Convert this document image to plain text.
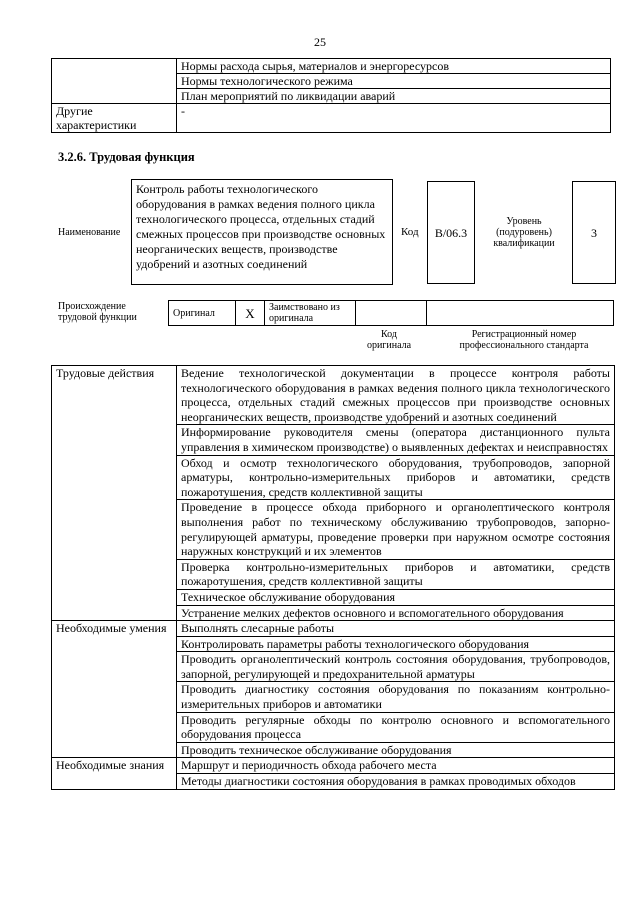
25
	Нормы расхода сырья, материалов и энергоресурсов
	Нормы технологического режима
	План мероприятий по ликвидации аварий
Другие характеристики	-
3.2.6. Трудовая функция
Наименование
Контроль работы технологического оборудования в рамках ведения полного цикла технологического процесса, отдельных стадий смежных процессов при производстве основных неорганических веществ, производстве удобрений и азотных соединений
Код	В/06.3
Уровень (подуровень) квалификации
3
Происхождение трудовой функции	Оригинал	X	Заимствовано из оригинала		
Код оригинала
Регистрационный номер профессионального стандарта
Трудовые действия	Ведение технологической документации в процессе контроля работы технологического оборудования в рамках ведения полного цикла технологического процесса, отдельных стадий смежных процессов при производстве основных неорганических веществ, производстве удобрений и азотных соединений
	Информирование руководителя смены (оператора дистанционного пульта управления в химическом производстве) о выявленных дефектах и неисправностях
	Обход и осмотр технологического оборудования, трубопроводов, запорной арматуры, контрольно-измерительных приборов и автоматики, средств пожаротушения, средств коллективной защиты
	Проведение в процессе обхода приборного и органолептического контроля выполнения работ по техническому обслуживанию трубопроводов, запорно-регулирующей арматуры, проведение проверки при наружном осмотре состояния наружных конструкций и их элементов
	Проверка контрольно-измерительных приборов и автоматики, средств пожаротушения, средств коллективной защиты
	Техническое обслуживание оборудования
	Устранение мелких дефектов основного и вспомогательного оборудования
Необходимые умения	Выполнять слесарные работы
	Контролировать параметры работы технологического оборудования
	Проводить органолептический контроль состояния оборудования, трубопроводов, запорной, регулирующей и предохранительной арматуры
	Проводить диагностику состояния оборудования по показаниям контрольно-измерительных приборов и автоматики
	Проводить регулярные обходы по контролю основного и вспомогательного оборудования процесса
	Проводить техническое обслуживание оборудования
Необходимые знания	Маршрут и периодичность обхода рабочего места
	Методы диагностики состояния оборудования в рамках проводимых обходов
